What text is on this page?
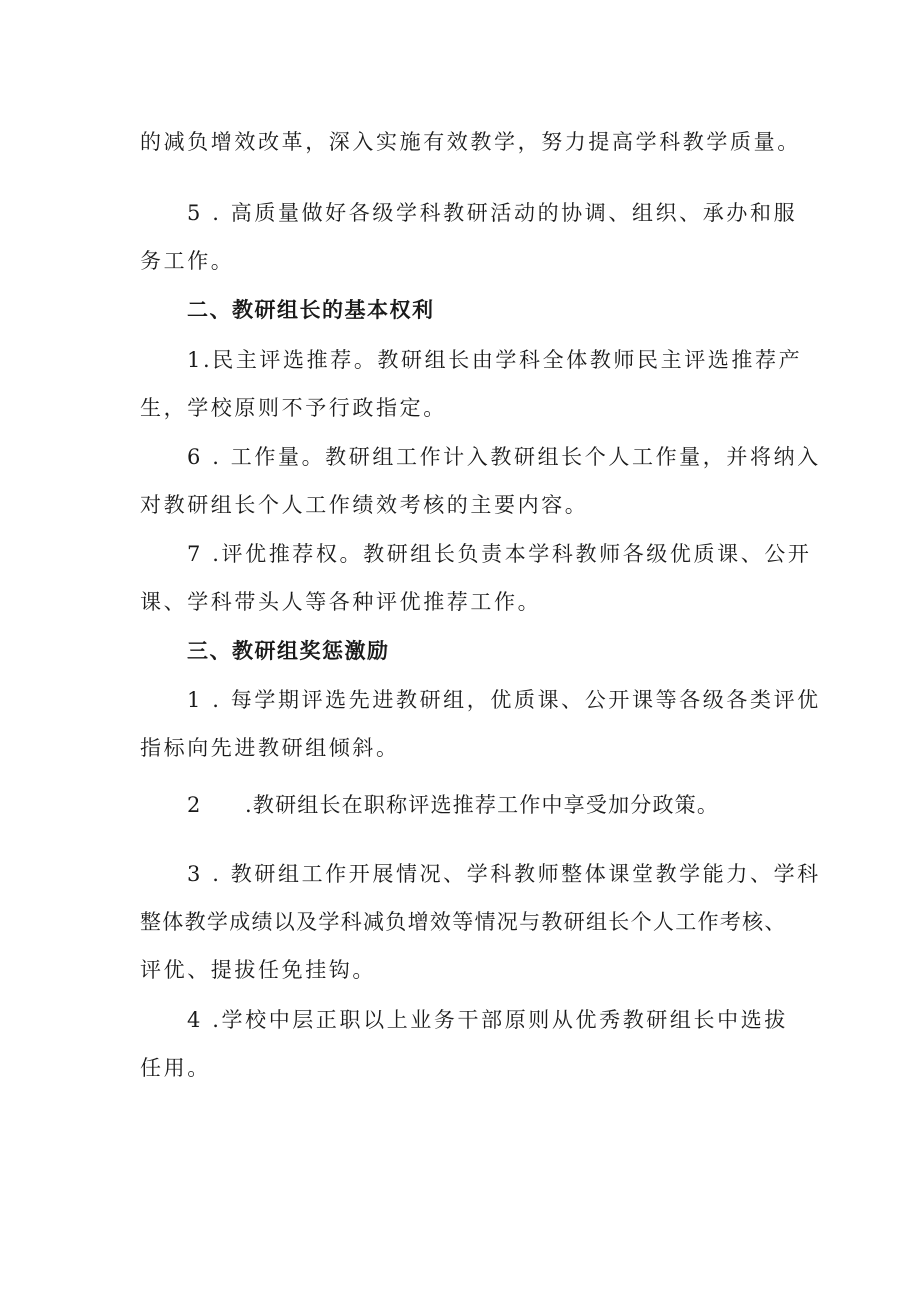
的减负增效改革，深入实施有效教学，努力提高学科教学质量。
5 . 高质量做好各级学科教研活动的协调、组织、承办和服
务工作。
二、教研组长的基本权利
1.民主评选推荐。教研组长由学科全体教师民主评选推荐产
生，学校原则不予行政指定。
6 . 工作量。教研组工作计入教研组长个人工作量，并将纳入
对教研组长个人工作绩效考核的主要内容。
7 .评优推荐权。教研组长负责本学科教师各级优质课、公开
课、学科带头人等各种评优推荐工作。
三、教研组奖惩激励
1 . 每学期评选先进教研组，优质课、公开课等各级各类评优
指标向先进教研组倾斜。
2 .教研组长在职称评选推荐工作中享受加分政策。
3 . 教研组工作开展情况、学科教师整体课堂教学能力、学科
整体教学成绩以及学科减负增效等情况与教研组长个人工作考核、
评优、提拔任免挂钩。
4 .学校中层正职以上业务干部原则从优秀教研组长中选拔
任用。
